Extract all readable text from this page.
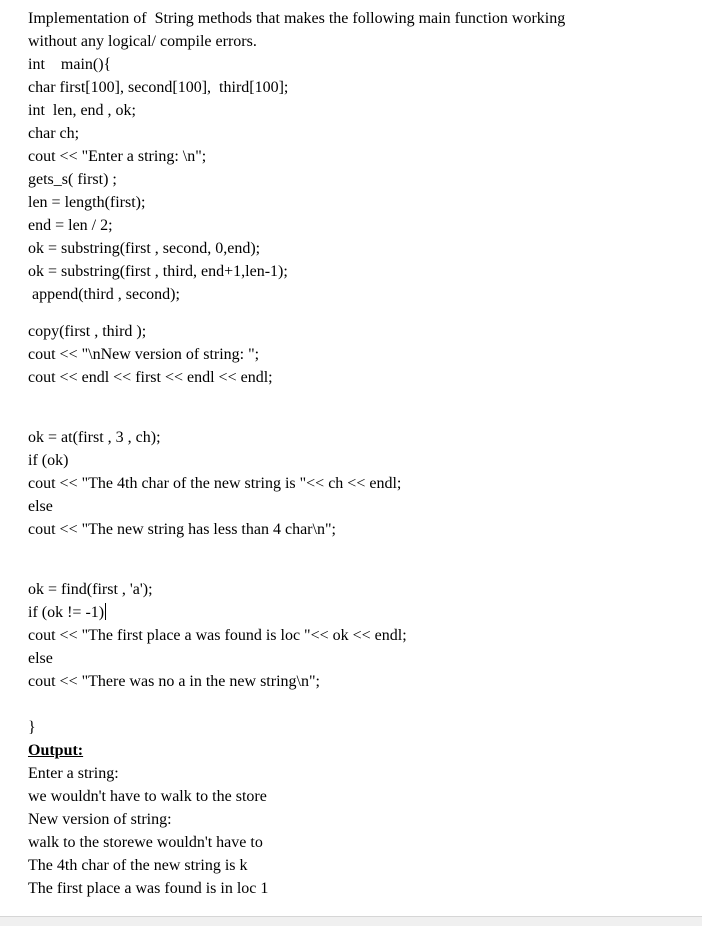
Implementation of  String methods that makes the following main function working
without any logical/ compile errors.
int    main(){
char first[100], second[100],  third[100];
int  len, end , ok;
char ch;
cout << "Enter a string: \n";
gets_s( first) ;
len = length(first);
end = len / 2;
ok = substring(first , second, 0,end);
ok = substring(first , third, end+1,len-1);
append(third , second);
copy(first , third );
cout << "\nNew version of string: ";
cout << endl << first << endl << endl;
ok = at(first , 3 , ch);
if (ok)
cout << "The 4th char of the new string is "<< ch << endl;
else
cout << "The new string has less than 4 char\n";
ok = find(first , 'a');
if (ok != -1)
cout << "The first place a was found is loc "<< ok << endl;
else
cout << "There was no a in the new string\n";
}
Output:
Enter a string:
we wouldn't have to walk to the store
New version of string:
walk to the storewe wouldn't have to
The 4th char of the new string is k
The first place a was found is in loc 1
